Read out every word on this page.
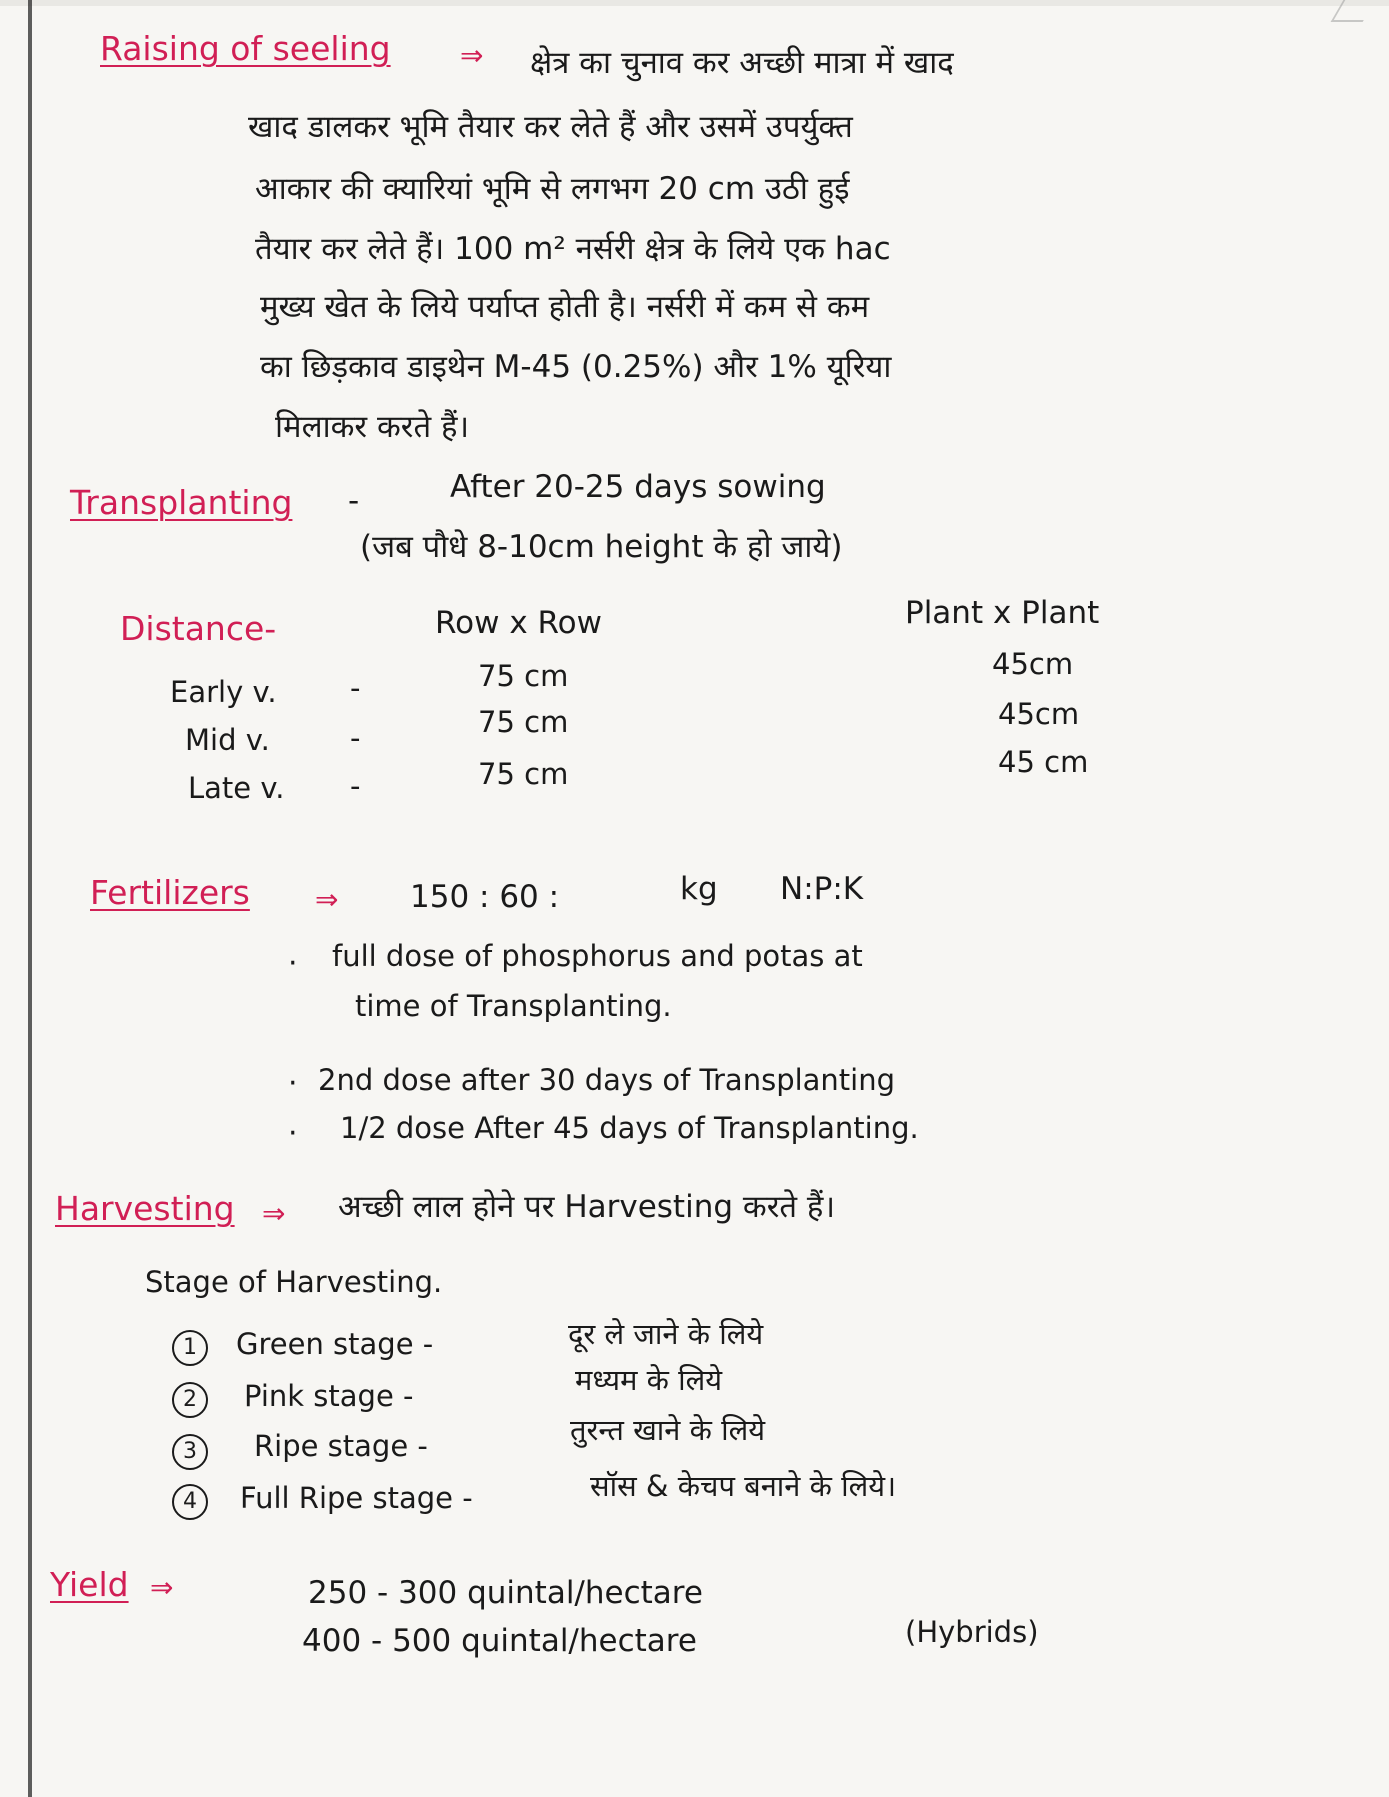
Raising of seeling ⇒ क्षेत्र का चुनाव कर अच्छी मात्रा में खाद
खाद डालकर भूमि तैयार कर लेते हैं और उसमें उपर्युक्त
आकार की क्यारियां भूमि से लगभग 20 cm उठी हुई
तैयार कर लेते हैं। 100 m² नर्सरी क्षेत्र के लिये एक hac
मुख्य खेत के लिये पर्याप्त होती है। नर्सरी में कम से कम
का छिड़काव डाइथेन M-45 (0.25%) और 1% यूरिया
मिलाकर करते हैं।
Transplanting -	After 20-25 days sowing
(जब पौधे 8-10cm height के हो जाये)
Distance-	Row x Row	Plant x Plant
Early v.	-	75 cm	45cm
Mid v.	-	75 cm	45cm
Late v. -	75 cm	45 cm
Fertilizers ⇒ 150 : 60 :	kg N:P:K
· full dose of phosphorus and potas at
time of Transplanting.
· 2nd dose after 30 days of Transplanting
· 1/2 dose After 45 days of Transplanting.
Harvesting ⇒ अच्छी लाल होने पर Harvesting करते हैं।
Stage of Harvesting.
1	Green stage -	दूर ले जाने के लिये
2	Pink stage -	मध्यम के लिये
3	Ripe stage -	तुरन्त खाने के लिये
4	Full Ripe stage -	सॉस & केचप बनाने के लिये।
Yield ⇒	250 - 300 quintal/hectare
400 - 500 quintal/hectare	(Hybrids)
